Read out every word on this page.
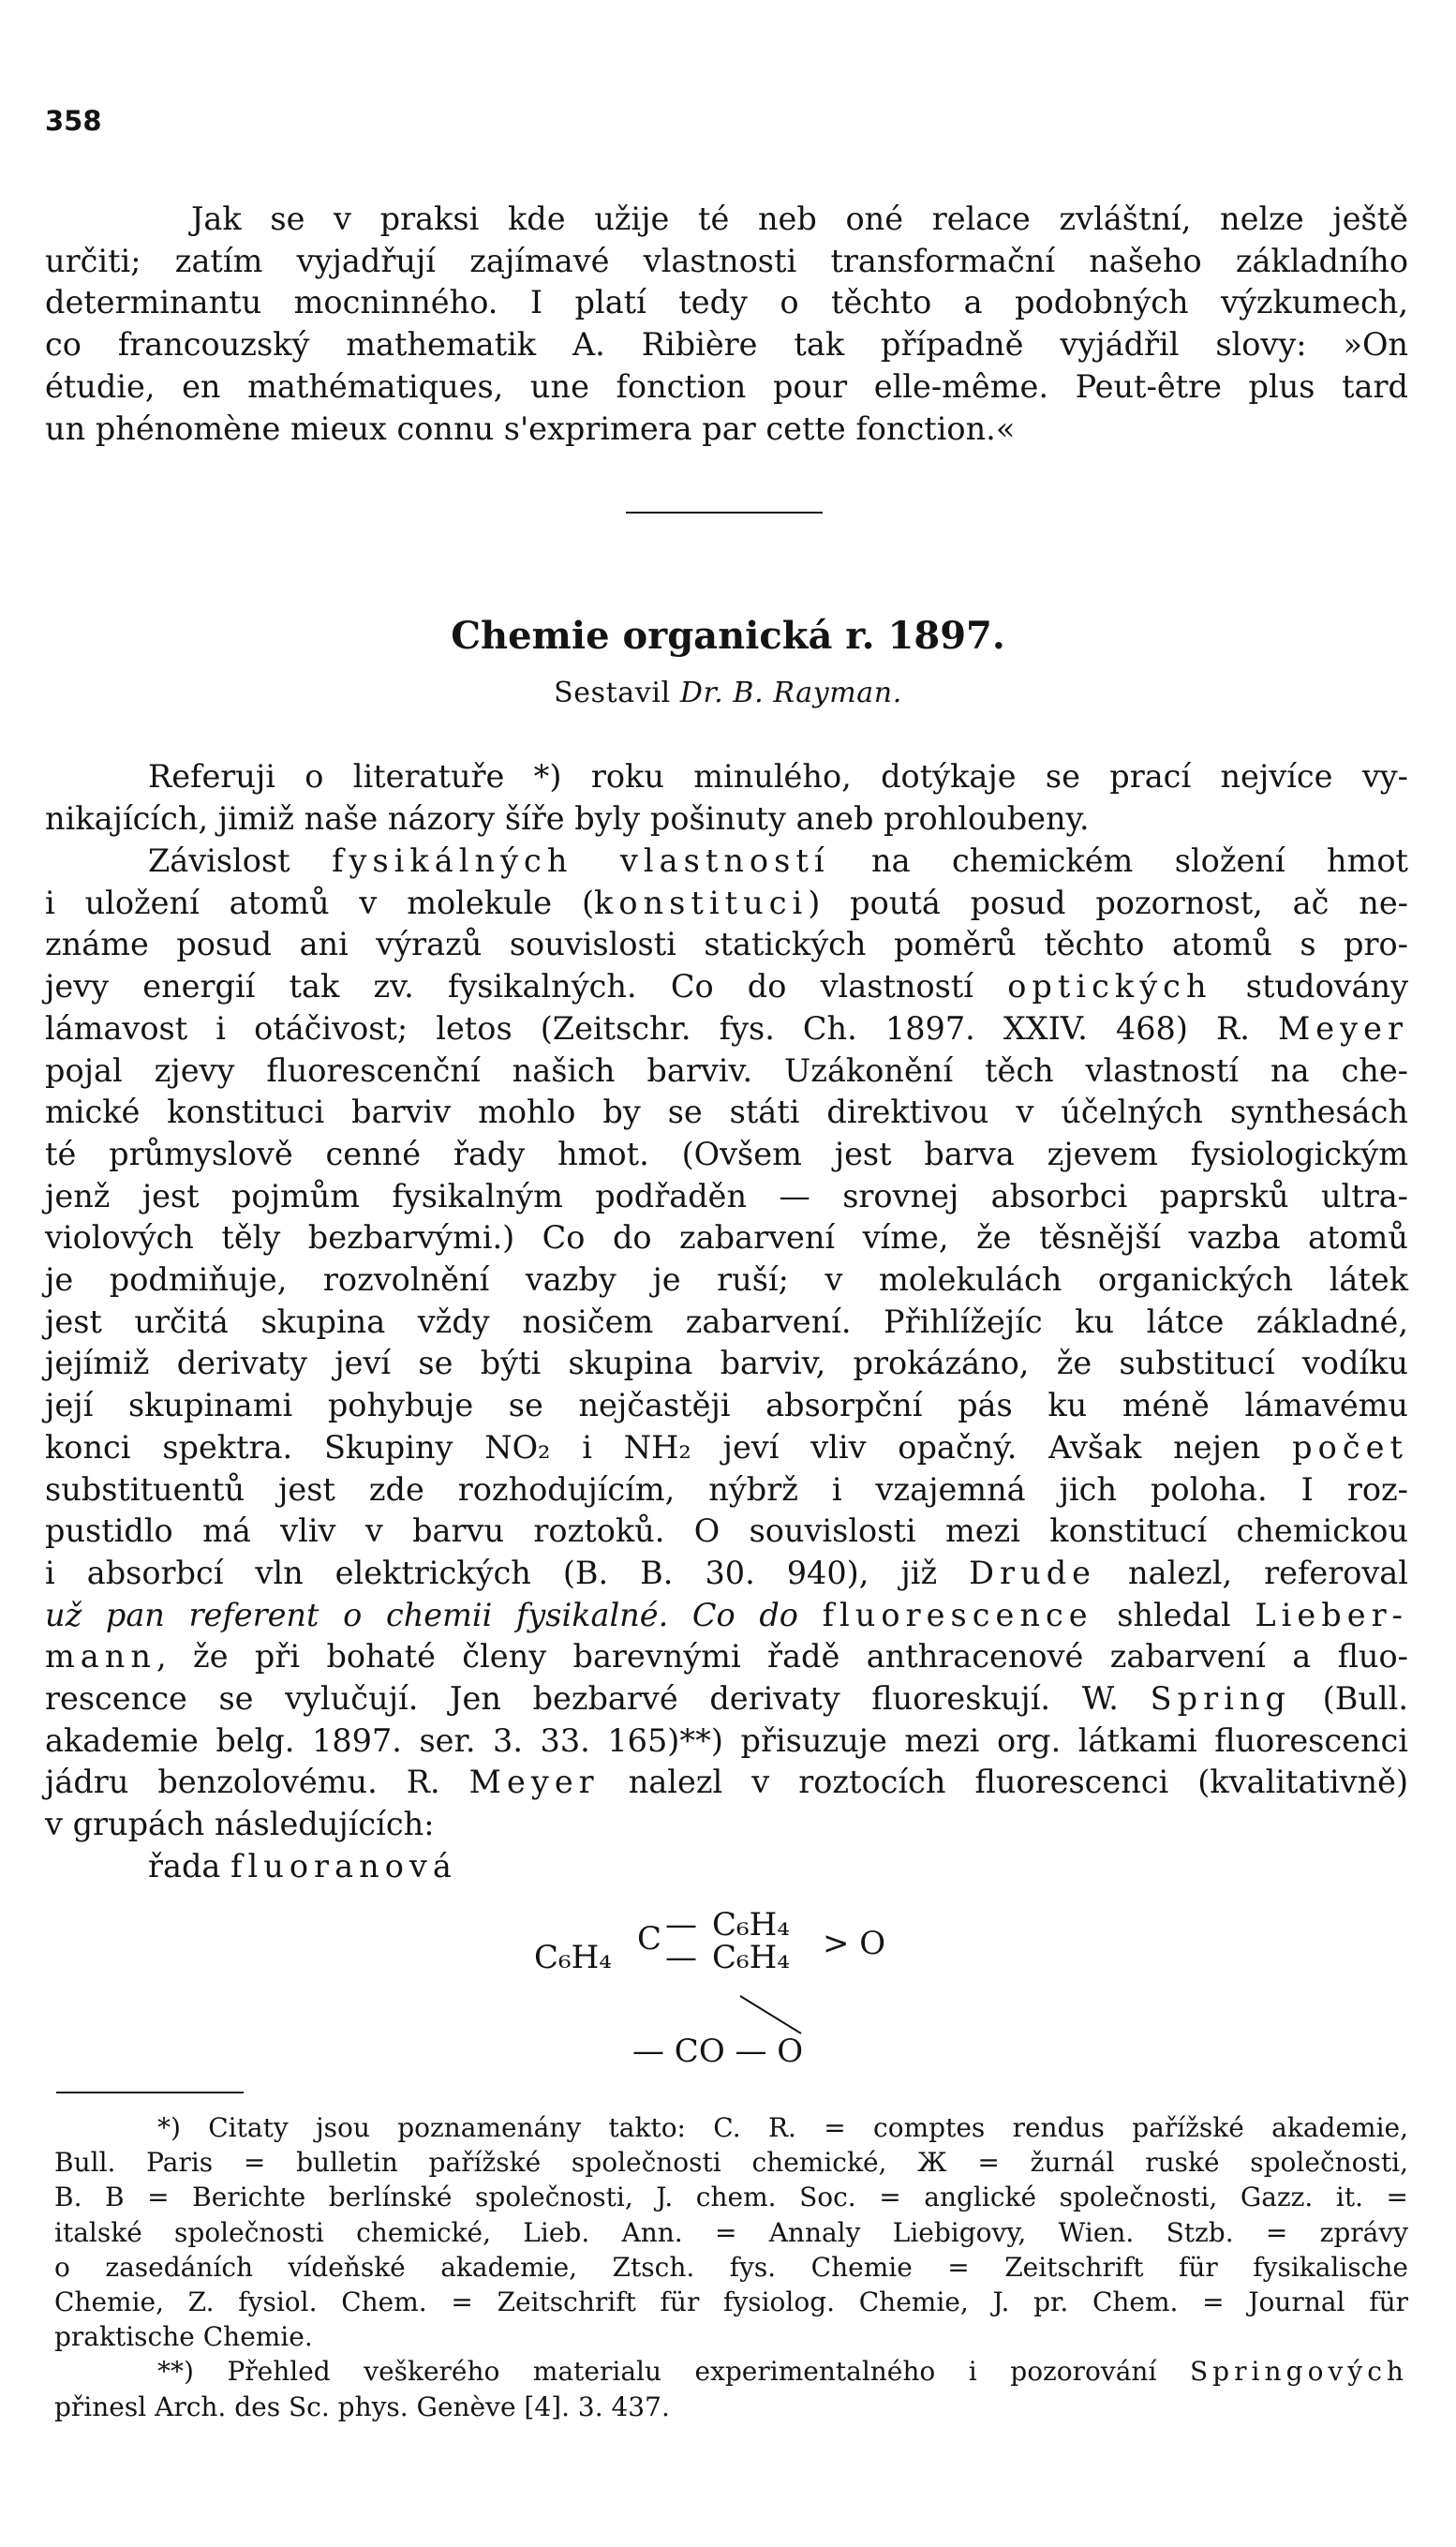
358
Jak se v praksi kde užije té neb oné relace zvláštní, nelze ještě
určiti; zatím vyjadřují zajímavé vlastnosti transformační našeho základního
determinantu mocninného. I platí tedy o těchto a podobných výzkumech,
co francouzský mathematik A. Ribière tak případně vyjádřil slovy: »On
étudie, en mathématiques, une fonction pour elle-même. Peut-être plus tard
un phénomène mieux connu s'exprimera par cette fonction.«
Chemie organická r. 1897.
Sestavil Dr. B. Rayman.
Referuji o literatuře *) roku minulého, dotýkaje se prací nejvíce vy-
nikajících, jimiž naše názory šíře byly pošinuty aneb prohloubeny.
Závislost fysikálných vlastností na chemickém složení hmot
i uložení atomů v molekule (konstituci) poutá posud pozornost, ač ne-
známe posud ani výrazů souvislosti statických poměrů těchto atomů s pro-
jevy energií tak zv. fysikalných. Co do vlastností optických studovány
lámavost i otáčivost; letos (Zeitschr. fys. Ch. 1897. XXIV. 468) R. Meyer
pojal zjevy fluorescenční našich barviv. Uzákonění těch vlastností na che-
mické konstituci barviv mohlo by se státi direktivou v účelných synthesách
té průmyslově cenné řady hmot. (Ovšem jest barva zjevem fysiologickým
jenž jest pojmům fysikalným podřaděn — srovnej absorbci paprsků ultra-
violových těly bezbarvými.) Co do zabarvení víme, že těsnější vazba atomů
je podmiňuje, rozvolnění vazby je ruší; v molekulách organických látek
jest určitá skupina vždy nosičem zabarvení. Přihlížejíc ku látce základné,
jejímiž derivaty jeví se býti skupina barviv, prokázáno, že substitucí vodíku
její skupinami pohybuje se nejčastěji absorpční pás ku méně lámavému
konci spektra. Skupiny NO₂ i NH₂ jeví vliv opačný. Avšak nejen počet
substituentů jest zde rozhodujícím, nýbrž i vzajemná jich poloha. I roz-
pustidlo má vliv v barvu roztoků. O souvislosti mezi konstitucí chemickou
i absorbcí vln elektrických (B. B. 30. 940), již Drude nalezl, referoval
už pan referent o chemii fysikalné. Co do fluorescence shledal Lieber-
mann, že při bohaté členy barevnými řadě anthracenové zabarvení a fluo-
rescence se vylučují. Jen bezbarvé derivaty fluoreskují. W. Spring (Bull.
akademie belg. 1897. ser. 3. 33. 165)**) přisuzuje mezi org. látkami fluorescenci
jádru benzolovému. R. Meyer nalezl v roztocích fluorescenci (kvalitativně)
v grupách následujících:
řada fluoranová
C₆H₄ C —
—
C₆H₄
C₆H₄ > O
— CO — O
*) Citaty jsou poznamenány takto: C. R. = comptes rendus pařížské akademie,
Bull. Paris = bulletin pařížské společnosti chemické, Ж = žurnál ruské společnosti,
B. B = Berichte berlínské společnosti, J. chem. Soc. = anglické společnosti, Gazz. it. =
italské společnosti chemické, Lieb. Ann. = Annaly Liebigovy, Wien. Stzb. = zprávy
o zasedáních vídeňské akademie, Ztsch. fys. Chemie = Zeitschrift für fysikalische
Chemie, Z. fysiol. Chem. = Zeitschrift für fysiolog. Chemie, J. pr. Chem. = Journal für
praktische Chemie.
**) Přehled veškerého materialu experimentalného i pozorování Springových
přinesl Arch. des Sc. phys. Genève [4]. 3. 437.
